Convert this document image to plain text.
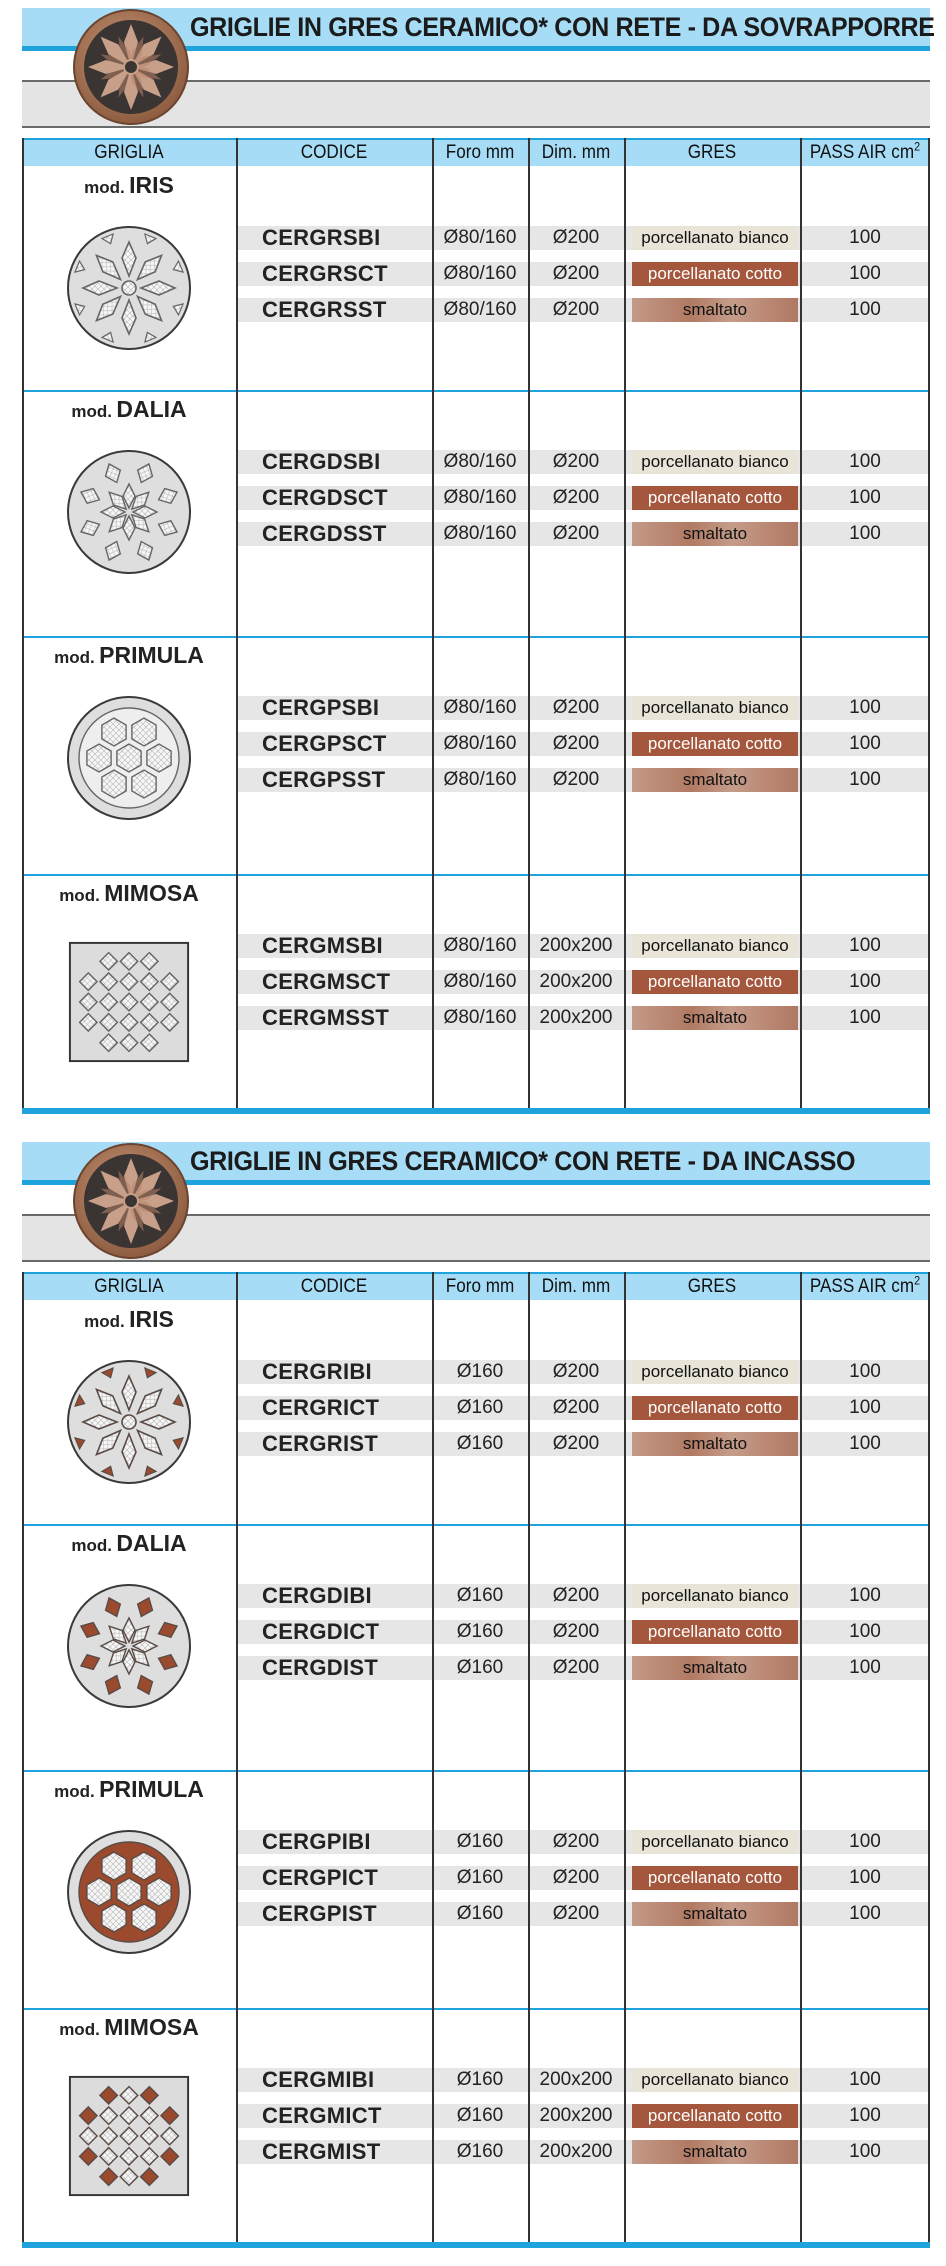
GRIGLIE IN GRES CERAMICO* CON RETE - DA SOVRAPPORRE
GRIGLIA	CODICE	Foro mm	Dim. mm	GRES	PASS AIR $cm^2$
mod. IRIS
CERGRSBI	Ø80/160	Ø200	porcellanato bianco	100
CERGRSCT	Ø80/160	Ø200	porcellanato cotto	100
CERGRSST	Ø80/160	Ø200	smaltato	100
mod. DALIA
CERGDSBI	Ø80/160	Ø200	porcellanato bianco	100
CERGDSCT	Ø80/160	Ø200	porcellanato cotto	100
CERGDSST	Ø80/160	Ø200	smaltato	100
mod. PRIMULA
CERGPSBI	Ø80/160	Ø200	porcellanato bianco	100
CERGPSCT	Ø80/160	Ø200	porcellanato cotto	100
CERGPSST	Ø80/160	Ø200	smaltato	100
mod. MIMOSA
CERGMSBI	Ø80/160	200x200	porcellanato bianco	100
CERGMSCT	Ø80/160	200x200	porcellanato cotto	100
CERGMSST	Ø80/160	200x200	smaltato	100
GRIGLIE IN GRES CERAMICO* CON RETE - DA INCASSO
GRIGLIA	CODICE	Foro mm	Dim. mm	GRES	PASS AIR $cm^2$
mod. IRIS
CERGRIBI	Ø160	Ø200	porcellanato bianco	100
CERGRICT	Ø160	Ø200	porcellanato cotto	100
CERGRIST	Ø160	Ø200	smaltato	100
mod. DALIA
CERGDIBI	Ø160	Ø200	porcellanato bianco	100
CERGDICT	Ø160	Ø200	porcellanato cotto	100
CERGDIST	Ø160	Ø200	smaltato	100
mod. PRIMULA
CERGPIBI	Ø160	Ø200	porcellanato bianco	100
CERGPICT	Ø160	Ø200	porcellanato cotto	100
CERGPIST	Ø160	Ø200	smaltato	100
mod. MIMOSA
CERGMIBI	Ø160	200x200	porcellanato bianco	100
CERGMICT	Ø160	200x200	porcellanato cotto	100
CERGMIST	Ø160	200x200	smaltato	100
